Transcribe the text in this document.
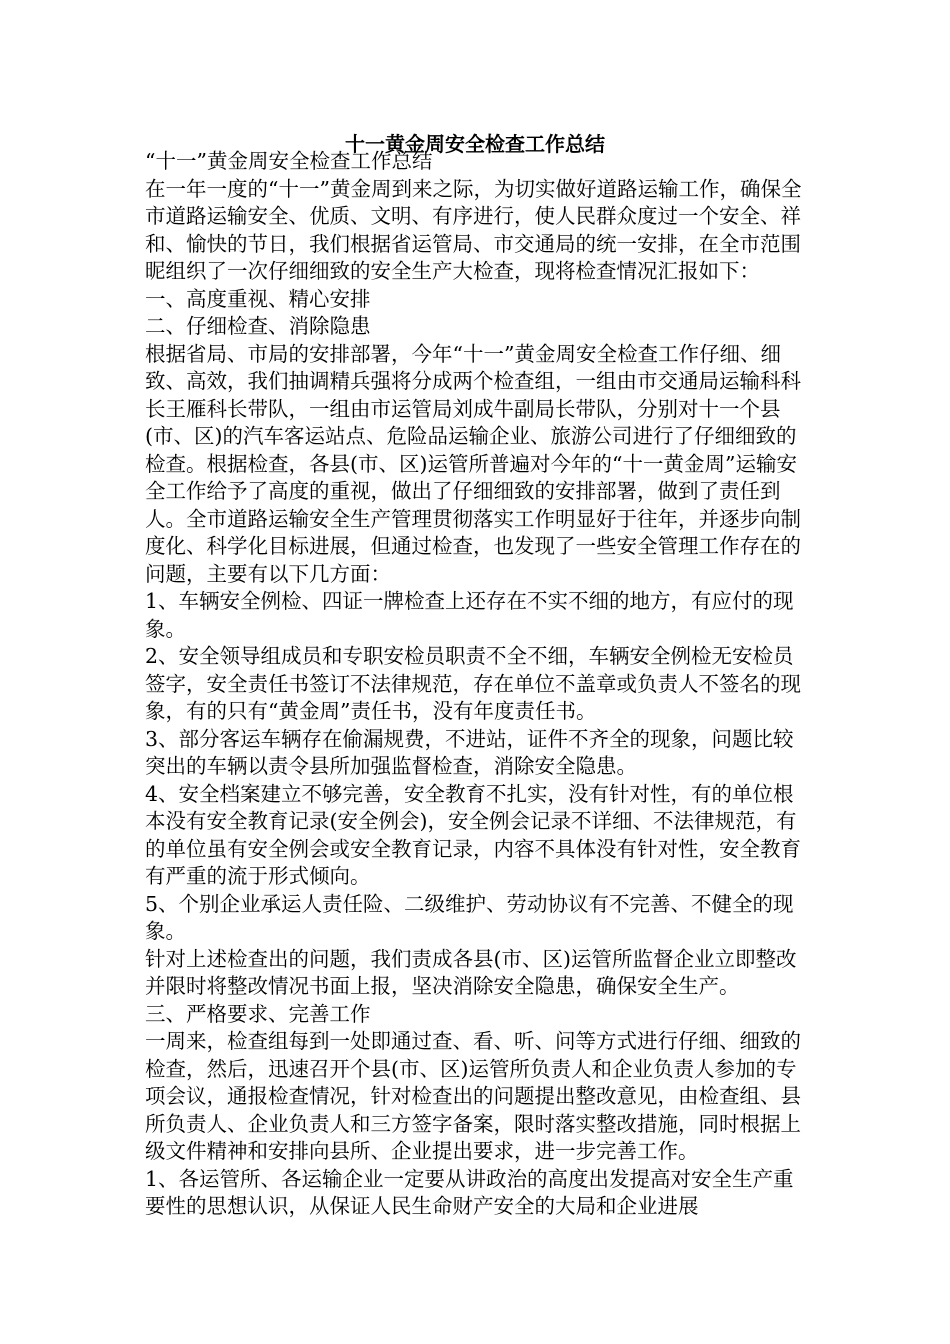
十一黄金周安全检查工作总结

“十一”黄金周安全检查工作总结

在一年一度的“十一”黄金周到来之际，为切实做好道路运输工作，确保全市道路运输安全、优质、文明、有序进行，使人民群众度过一个安全、祥和、愉快的节日，我们根据省运管局、市交通局的统一安排，在全市范围昵组织了一次仔细细致的安全生产大检查，现将检查情况汇报如下：

一、高度重视、精心安排

二、仔细检查、消除隐患

根据省局、市局的安排部署，今年“十一”黄金周安全检查工作仔细、细致、高效，我们抽调精兵强将分成两个检查组，一组由市交通局运输科科长王雁科长带队，一组由市运管局刘成牛副局长带队，分别对十一个县(市、区)的汽车客运站点、危险品运输企业、旅游公司进行了仔细细致的检查。根据检查，各县(市、区)运管所普遍对今年的“十一黄金周”运输安全工作给予了高度的重视，做出了仔细细致的安排部署，做到了责任到人。全市道路运输安全生产管理贯彻落实工作明显好于往年，并逐步向制度化、科学化目标进展，但通过检查，也发现了一些安全管理工作存在的问题，主要有以下几方面：

1、车辆安全例检、四证一牌检查上还存在不实不细的地方，有应付的现象。

2、安全领导组成员和专职安检员职责不全不细，车辆安全例检无安检员签字，安全责任书签订不法律规范，存在单位不盖章或负责人不签名的现象，有的只有“黄金周”责任书，没有年度责任书。

3、部分客运车辆存在偷漏规费，不进站，证件不齐全的现象，问题比较突出的车辆以责令县所加强监督检查，消除安全隐患。

4、安全档案建立不够完善，安全教育不扎实，没有针对性，有的单位根本没有安全教育记录(安全例会)，安全例会记录不详细、不法律规范，有的单位虽有安全例会或安全教育记录，内容不具体没有针对性，安全教育有严重的流于形式倾向。

5、个别企业承运人责任险、二级维护、劳动协议有不完善、不健全的现象。

针对上述检查出的问题，我们责成各县(市、区)运管所监督企业立即整改并限时将整改情况书面上报，坚决消除安全隐患，确保安全生产。

三、严格要求、完善工作

一周来，检查组每到一处即通过查、看、听、问等方式进行仔细、细致的检查，然后，迅速召开个县(市、区)运管所负责人和企业负责人参加的专项会议，通报检查情况，针对检查出的问题提出整改意见，由检查组、县所负责人、企业负责人和三方签字备案，限时落实整改措施，同时根据上级文件精神和安排向县所、企业提出要求，进一步完善工作。

1、各运管所、各运输企业一定要从讲政治的高度出发提高对安全生产重要性的思想认识，从保证人民生命财产安全的大局和企业进展
